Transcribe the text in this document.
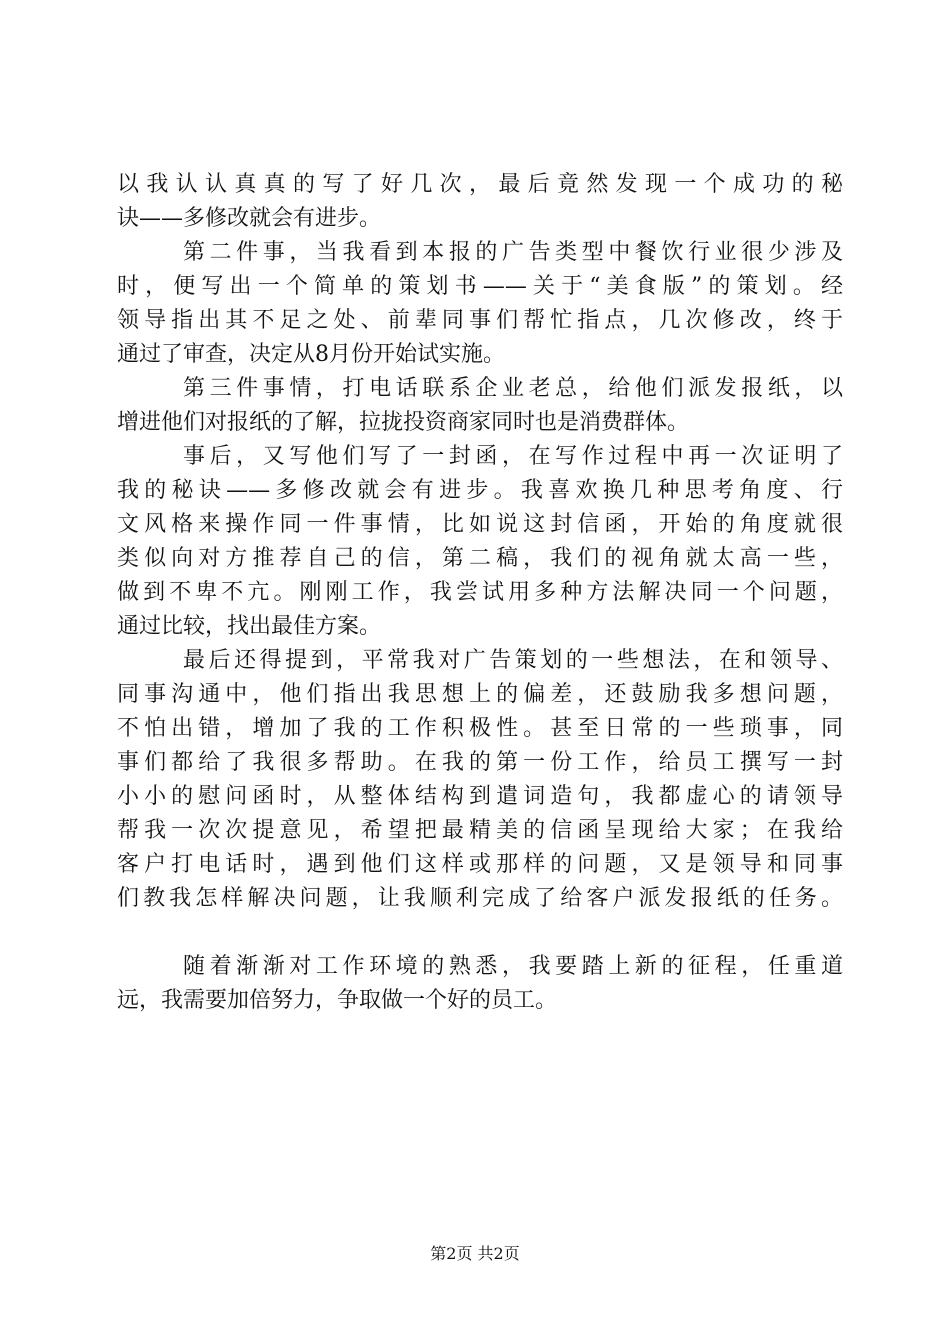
以我认认真真的写了好几次，最后竟然发现一个成功的秘
诀——多修改就会有进步。
第二件事，当我看到本报的广告类型中餐饮行业很少涉及
时，便写出一个简单的策划书——关于“美食版”的策划。经
领导指出其不足之处、前辈同事们帮忙指点，几次修改，终于
通过了审查，决定从8月份开始试实施。
第三件事情，打电话联系企业老总，给他们派发报纸，以
增进他们对报纸的了解，拉拢投资商家同时也是消费群体。
事后，又写他们写了一封函，在写作过程中再一次证明了
我的秘诀——多修改就会有进步。我喜欢换几种思考角度、行
文风格来操作同一件事情，比如说这封信函，开始的角度就很
类似向对方推荐自己的信，第二稿，我们的视角就太高一些，
做到不卑不亢。刚刚工作，我尝试用多种方法解决同一个问题，
通过比较，找出最佳方案。
最后还得提到，平常我对广告策划的一些想法，在和领导、
同事沟通中，他们指出我思想上的偏差，还鼓励我多想问题，
不怕出错，增加了我的工作积极性。甚至日常的一些琐事，同
事们都给了我很多帮助。在我的第一份工作，给员工撰写一封
小小的慰问函时，从整体结构到遣词造句，我都虚心的请领导
帮我一次次提意见，希望把最精美的信函呈现给大家；在我给
客户打电话时，遇到他们这样或那样的问题，又是领导和同事
们教我怎样解决问题，让我顺利完成了给客户派发报纸的任务。
随着渐渐对工作环境的熟悉，我要踏上新的征程，任重道
远，我需要加倍努力，争取做一个好的员工。
第2页 共2页
